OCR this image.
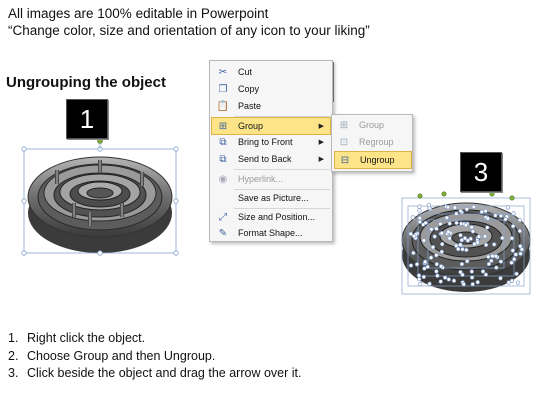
All images are 100% editable in Powerpoint
“Change color, size and orientation of any icon to your liking”
Ungrouping the object
1
3
✂	Cut
❐	Copy
📋 Paste
⊞	Group	▶
⧉	Bring to Front	▶
⧉	Send to Back	▶
◉	Hyperlink...
Save as Picture...
⤢	Size and Position...
✎	Format Shape...
⊞	Group
⊡	Regroup
⊟	Ungroup
1. Right click the object.
2. Choose Group and then Ungroup.
3. Click beside the object and drag the arrow over it.
